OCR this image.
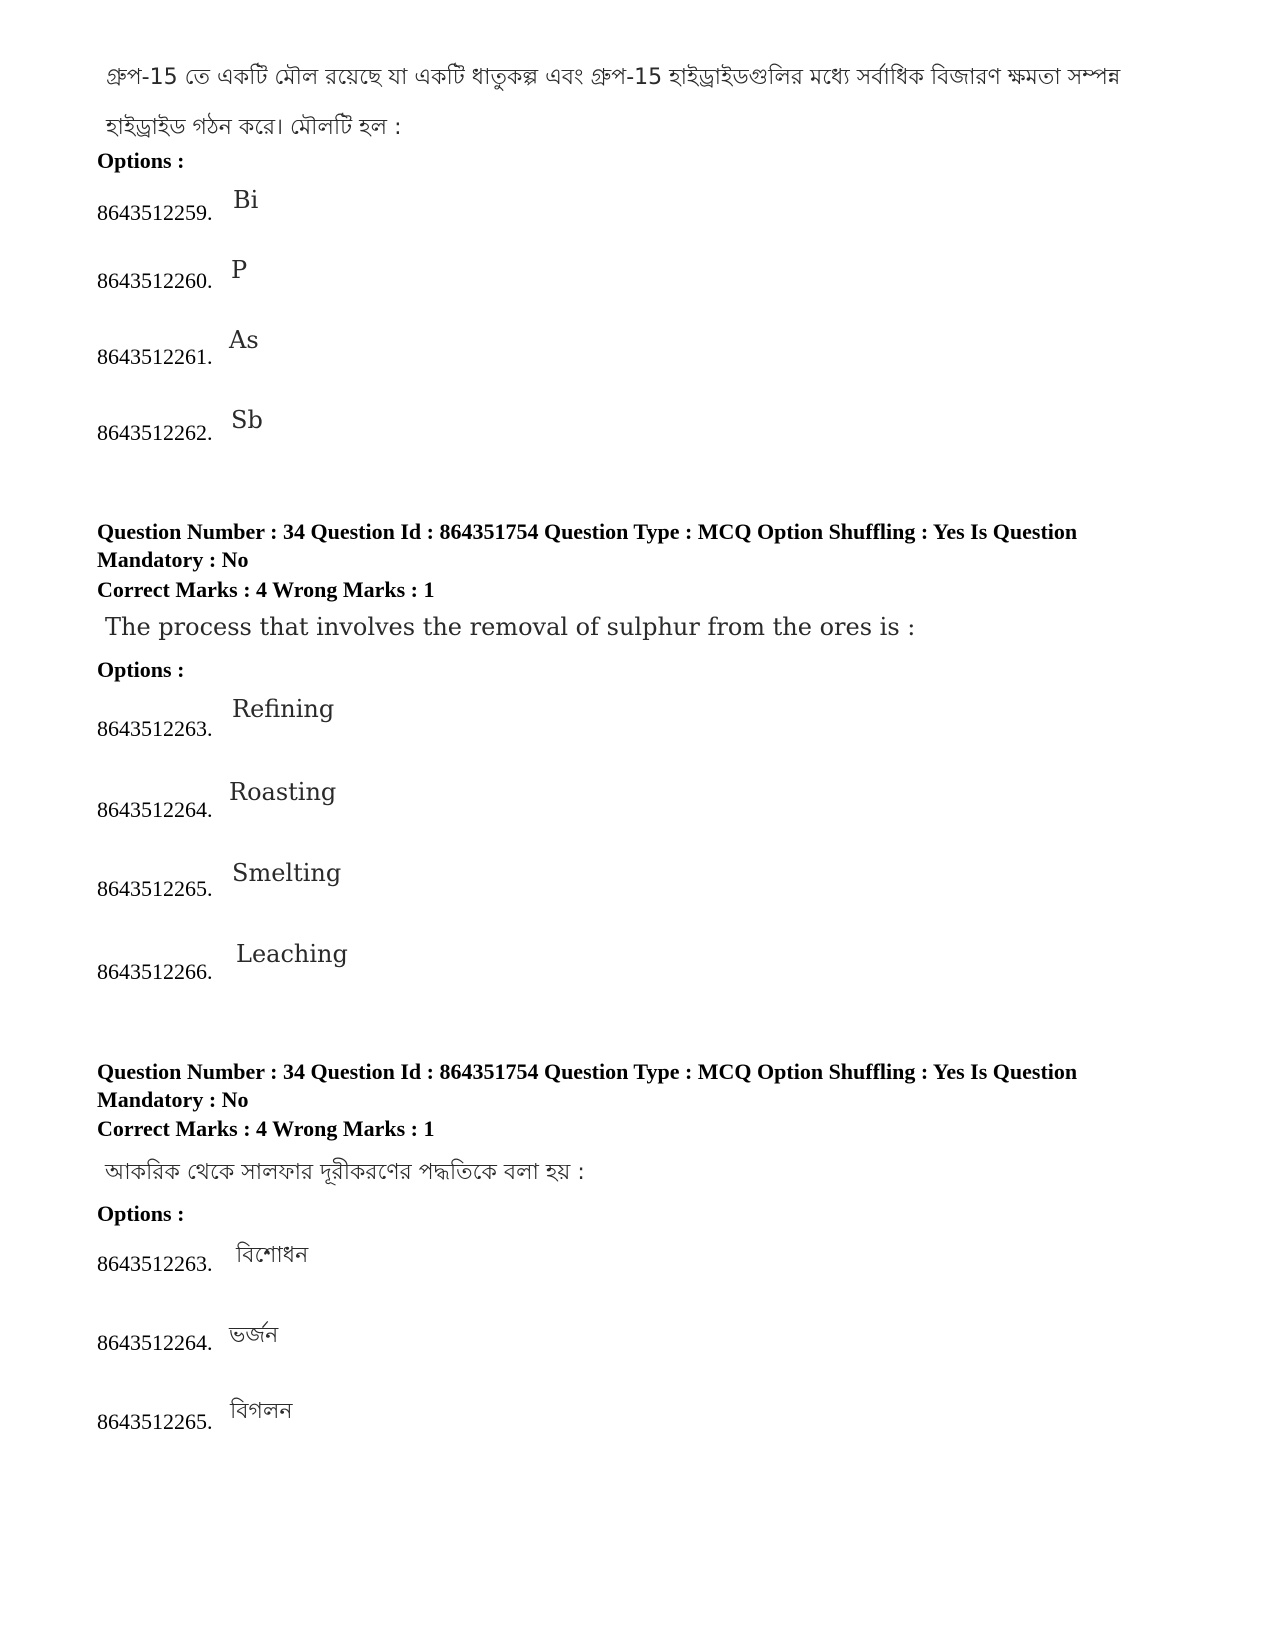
গ্রুপ-15 তে একটি মৌল রয়েছে যা একটি ধাতুকল্প এবং গ্রুপ-15 হাইড্রাইডগুলির মধ্যে সর্বাধিক বিজারণ ক্ষমতা সম্পন্ন
হাইড্রাইড গঠন করে। মৌলটি হল :
Options :
8643512259. Bi
8643512260. P
8643512261.
As
8643512262. Sb
Question Number : 34 Question Id : 864351754 Question Type : MCQ Option Shuffling : Yes Is Question Mandatory : No
Correct Marks : 4 Wrong Marks : 1
The process that involves the removal of sulphur from the ores is :
Options :
8643512263.
Refining
8643512264.
Roasting
8643512265.
Smelting
8643512266.
Leaching
Question Number : 34 Question Id : 864351754 Question Type : MCQ Option Shuffling : Yes Is Question Mandatory : No
Correct Marks : 4 Wrong Marks : 1
আকরিক থেকে সালফার দূরীকরণের পদ্ধতিকে বলা হয় :
Options :
8643512263. বিশোধন
8643512264. ভর্জন
8643512265. বিগলন
